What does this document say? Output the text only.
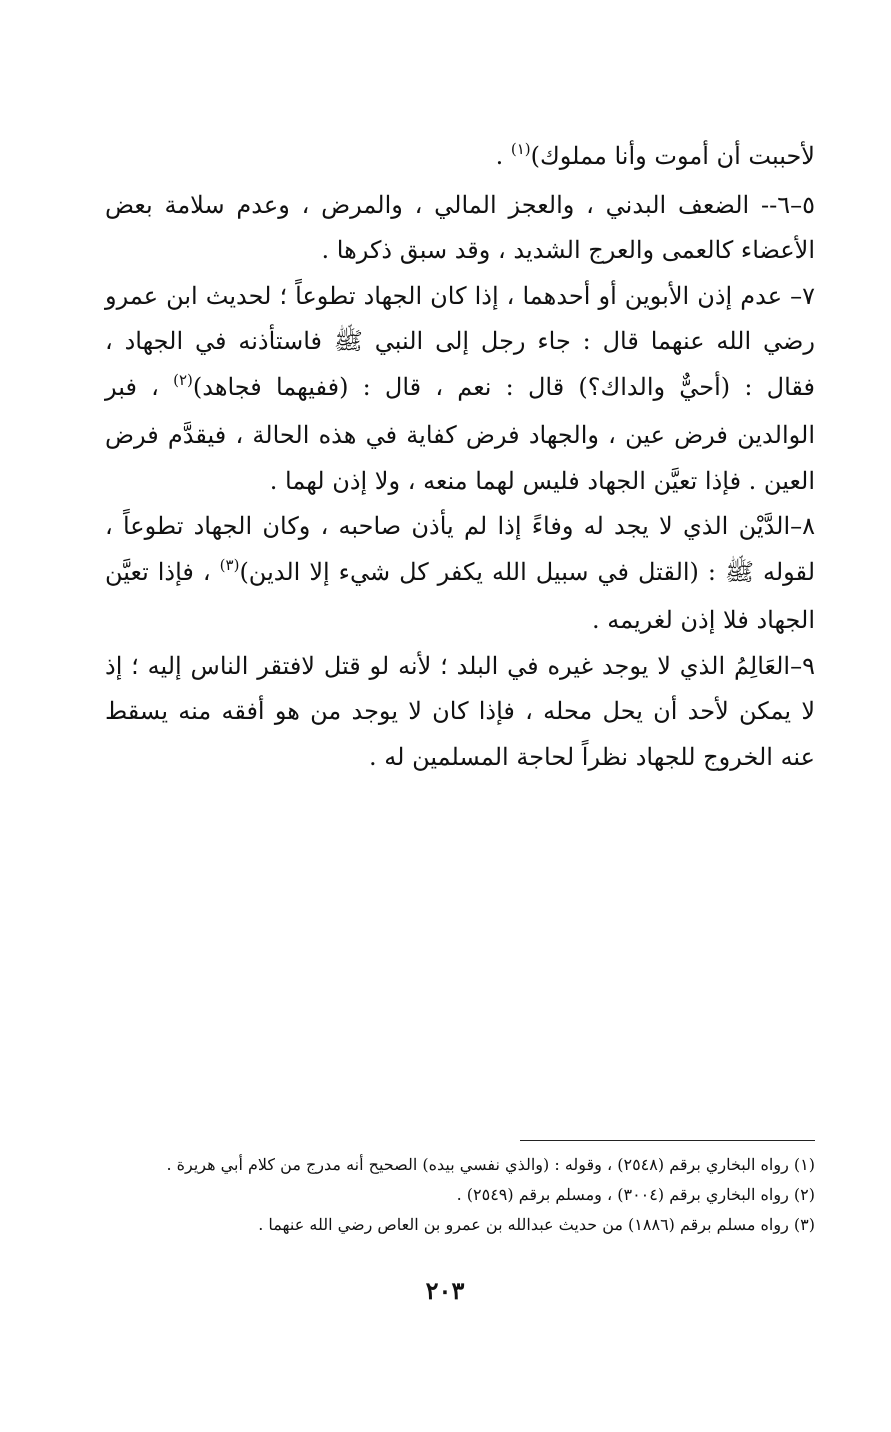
لأحببت أن أموت وأنا مملوك)$^{(١)}$ .

٥–٦-- الضعف البدني ، والعجز المالي ، والمرض ، وعدم سلامة بعض الأعضاء كالعمى والعرج الشديد ، وقد سبق ذكرها .

٧– عدم إذن الأبوين أو أحدهما ، إذا كان الجهاد تطوعاً ؛ لحديث ابن عمرو رضي الله عنهما قال : جاء رجل إلى النبي ﷺ فاستأذنه في الجهاد ، فقال : (أحيٌّ والداك؟) قال : نعم ، قال : (ففيهما فجاهد)$^{(٢)}$ ، فبر الوالدين فرض عين ، والجهاد فرض كفاية في هذه الحالة ، فيقدَّم فرض العين . فإذا تعيَّن الجهاد فليس لهما منعه ، ولا إذن لهما .

٨–الدَّيْن الذي لا يجد له وفاءً إذا لم يأذن صاحبه ، وكان الجهاد تطوعاً ، لقوله ﷺ : (القتل في سبيل الله يكفر كل شيء إلا الدين)$^{(٣)}$ ، فإذا تعيَّن الجهاد فلا إذن لغريمه .

٩–العَالِمُ الذي لا يوجد غيره في البلد ؛ لأنه لو قتل لافتقر الناس إليه ؛ إذ لا يمكن لأحد أن يحل محله ، فإذا كان لا يوجد من هو أفقه منه يسقط عنه الخروج للجهاد نظراً لحاجة المسلمين له .

(١) رواه البخاري برقم (٢٥٤٨) ، وقوله : (والذي نفسي بيده) الصحيح أنه مدرج من كلام أبي هريرة .

(٢) رواه البخاري برقم (٣٠٠٤) ، ومسلم برقم (٢٥٤٩) .

(٣) رواه مسلم برقم (١٨٨٦) من حديث عبدالله بن عمرو بن العاص رضي الله عنهما .

٢٠٣
